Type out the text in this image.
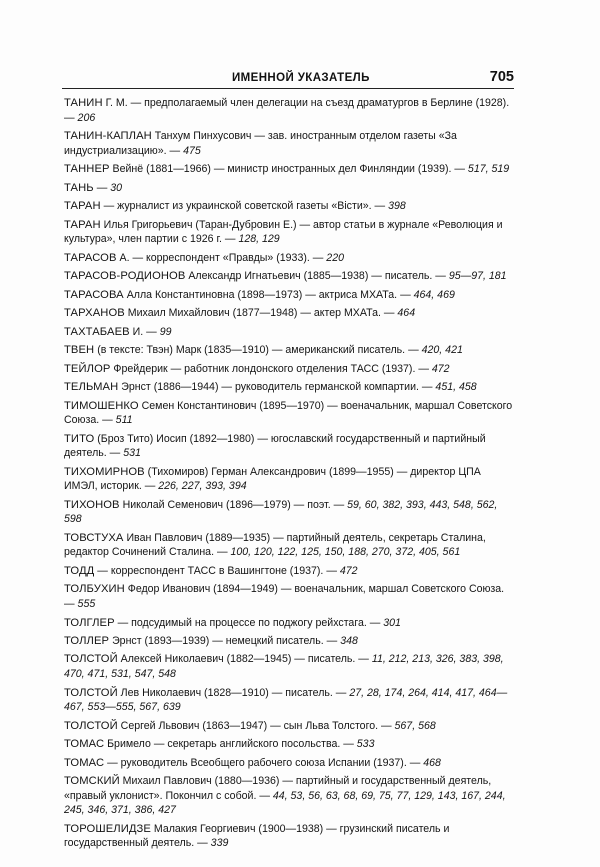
ИМЕННОЙ УКАЗАТЕЛЬ	705
ТАНИН Г. М. — предполагаемый член делегации на съезд драматургов в Берлине (1928). — 206
ТАНИН-КАПЛАН Танхум Пинхусович — зав. иностранным отделом газеты «За индустриализацию». — 475
ТАННЕР Вейнё (1881—1966) — министр иностранных дел Финляндии (1939). — 517, 519
ТАНЬ — 30
ТАРАН — журналист из украинской советской газеты «Вісти». — 398
ТАРАН Илья Григорьевич (Таран-Дубровин Е.) — автор статьи в журнале «Революция и культура», член партии с 1926 г. — 128, 129
ТАРАСОВ А. — корреспондент «Правды» (1933). — 220
ТАРАСОВ-РОДИОНОВ Александр Игнатьевич (1885—1938) — писатель. — 95—97, 181
ТАРАСОВА Алла Константиновна (1898—1973) — актриса МХАТа. — 464, 469
ТАРХАНОВ Михаил Михайлович (1877—1948) — актер МХАТа. — 464
ТАХТАБАЕВ И. — 99
ТВЕН (в тексте: Твэн) Марк (1835—1910) — американский писатель. — 420, 421
ТЕЙЛОР Фрейдерик — работник лондонского отделения ТАСС (1937). — 472
ТЕЛЬМАН Эрнст (1886—1944) — руководитель германской компартии. — 451, 458
ТИМОШЕНКО Семен Константинович (1895—1970) — военачальник, маршал Советского Союза. — 511
ТИТО (Броз Тито) Иосип (1892—1980) — югославский государственный и партийный деятель. — 531
ТИХОМИРНОВ (Тихомиров) Герман Александрович (1899—1955) — директор ЦПА ИМЭЛ, историк. — 226, 227, 393, 394
ТИХОНОВ Николай Семенович (1896—1979) — поэт. — 59, 60, 382, 393, 443, 548, 562, 598
ТОВСТУХА Иван Павлович (1889—1935) — партийный деятель, секретарь Сталина, редактор Сочинений Сталина. — 100, 120, 122, 125, 150, 188, 270, 372, 405, 561
ТОДД — корреспондент ТАСС в Вашингтоне (1937). — 472
ТОЛБУХИН Федор Иванович (1894—1949) — военачальник, маршал Советского Союза. — 555
ТОЛГЛЕР — подсудимый на процессе по поджогу рейхстага. — 301
ТОЛЛЕР Эрнст (1893—1939) — немецкий писатель. — 348
ТОЛСТОЙ Алексей Николаевич (1882—1945) — писатель. — 11, 212, 213, 326, 383, 398, 470, 471, 531, 547, 548
ТОЛСТОЙ Лев Николаевич (1828—1910) — писатель. — 27, 28, 174, 264, 414, 417, 464—467, 553—555, 567, 639
ТОЛСТОЙ Сергей Львович (1863—1947) — сын Льва Толстого. — 567, 568
ТОМАС Бримело — секретарь английского посольства. — 533
ТОМАС — руководитель Всеобщего рабочего союза Испании (1937). — 468
ТОМСКИЙ Михаил Павлович (1880—1936) — партийный и государственный деятель, «правый уклонист». Покончил с собой. — 44, 53, 56, 63, 68, 69, 75, 77, 129, 143, 167, 244, 245, 346, 371, 386, 427
ТОРОШЕЛИДЗЕ Малакия Георгиевич (1900—1938) — грузинский писатель и государственный деятель. — 339
